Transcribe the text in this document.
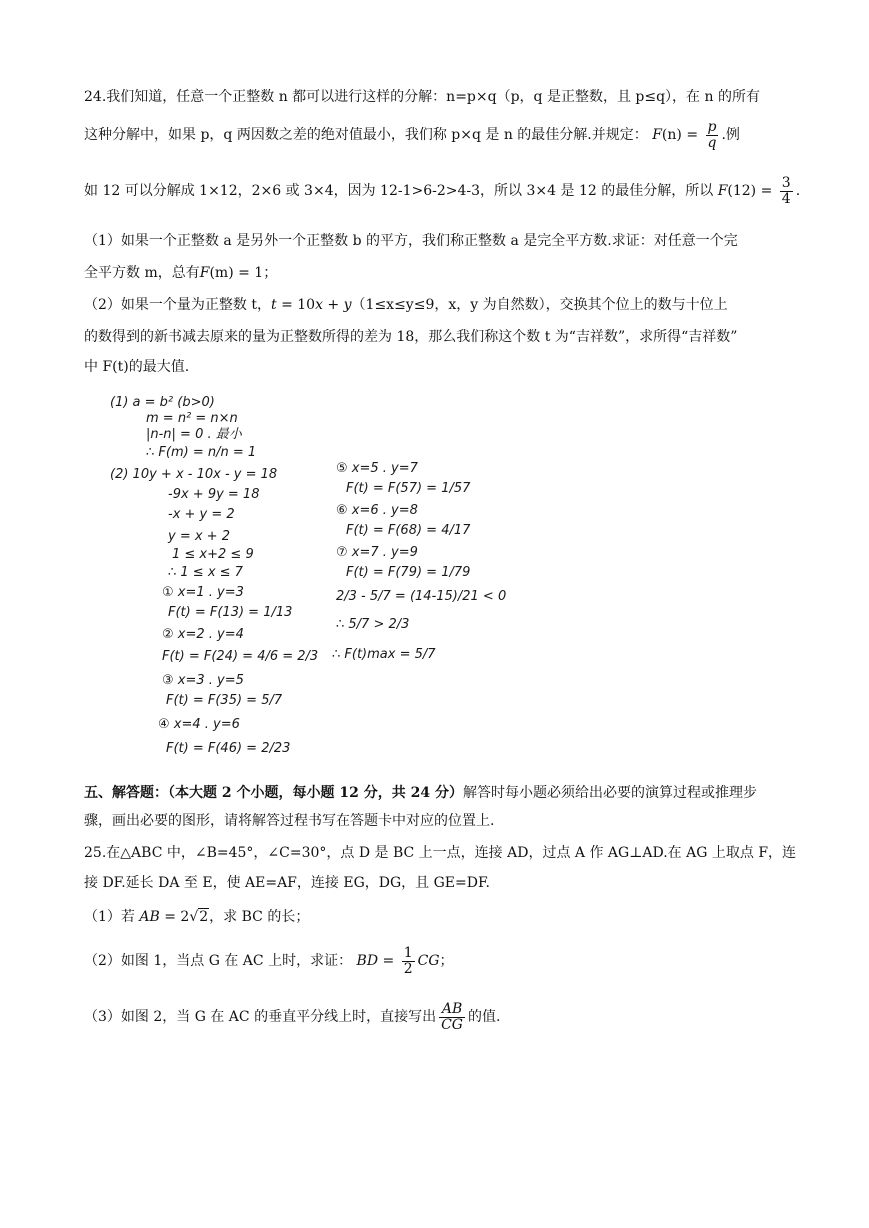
24.我们知道，任意一个正整数 n 都可以进行这样的分解：n=p×q（p，q 是正整数，且 p≤q），在 n 的所有
这种分解中，如果 p，q 两因数之差的绝对值最小，我们称 p×q 是 n 的最佳分解.并规定： $F(n) = \frac{p}{q}$ .例
如 12 可以分解成 1×12，2×6 或 3×4，因为 12-1>6-2>4-3，所以 3×4 是 12 的最佳分解，所以 $F(12) = \frac{3}{4}$ .
（1）如果一个正整数 a 是另外一个正整数 b 的平方，我们称正整数 a 是完全平方数.求证：对任意一个完
全平方数 m，总有F(m) = 1；
（2）如果一个量为正整数 t，t = 10x + y（1≤x≤y≤9，x，y 为自然数），交换其个位上的数与十位上
的数得到的新书减去原来的量为正整数所得的差为 18，那么我们称这个数 t 为“吉祥数”，求所得“吉祥数”
中 F(t)的最大值.
(1) a = b² (b>0)
m = n² = n×n
|n-n| = 0 . 最小
∴ F(m) = n/n = 1
(2) 10y + x - 10x - y = 18
-9x + 9y = 18
-x + y = 2
y = x + 2
1 ≤ x+2 ≤ 9
∴ 1 ≤ x ≤ 7
① x=1 . y=3
F(t) = F(13) = 1/13
② x=2 . y=4
F(t) = F(24) = 4/6 = 2/3 ∴ F(t)max = 5/7
③ x=3 . y=5
F(t) = F(35) = 5/7
④ x=4 . y=6
F(t) = F(46) = 2/23
⑤ x=5 . y=7
F(t) = F(57) = 1/57
⑥ x=6 . y=8
F(t) = F(68) = 4/17
⑦ x=7 . y=9
F(t) = F(79) = 1/79
2/3 - 5/7 = (14-15)/21 < 0
∴ 5/7 > 2/3
五、解答题：（本大题 2 个小题，每小题 12 分，共 24 分）解答时每小题必须给出必要的演算过程或推理步
骤，画出必要的图形，请将解答过程书写在答题卡中对应的位置上.
25.在△ABC 中，∠B=45°，∠C=30°，点 D 是 BC 上一点，连接 AD，过点 A 作 AG⊥AD.在 AG 上取点 F，连
接 DF.延长 DA 至 E，使 AE=AF，连接 EG，DG，且 GE=DF.
（1）若 AB = 2√2，求 BC 的长；
（2）如图 1，当点 G 在 AC 上时，求证： BD = $\frac{1}{2}$ CG；
（3）如图 2，当 G 在 AC 的垂直平分线上时，直接写出 $\frac{AB}{CG}$ 的值.
